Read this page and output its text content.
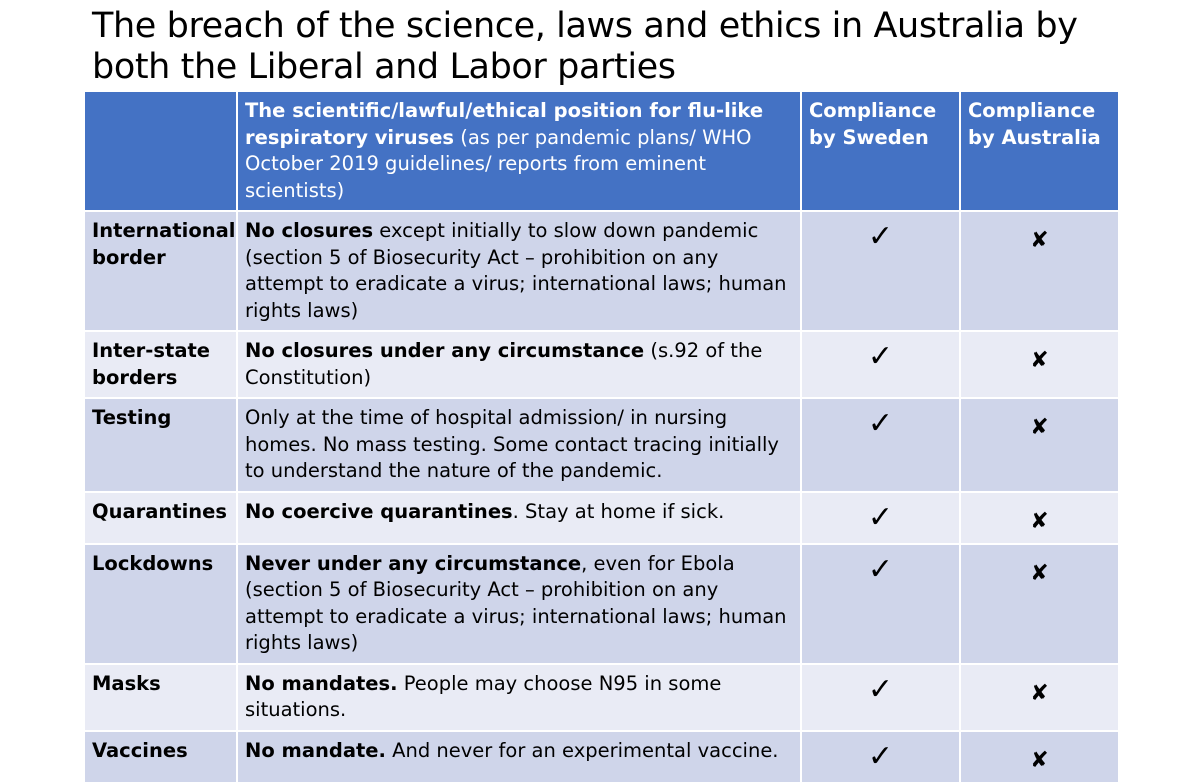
The breach of the science, laws and ethics in Australia by both the Liberal and Labor parties
	The scientific/lawful/ethical position for flu-like respiratory viruses (as per pandemic plans/ WHO October 2019 guidelines/ reports from eminent scientists)	Compliance by Sweden	Compliance by Australia
International border	No closures except initially to slow down pandemic (section 5 of Biosecurity Act – prohibition on any attempt to eradicate a virus; international laws; human rights laws)	✓	✘
Inter-state borders	No closures under any circumstance (s.92 of the Constitution)	✓	✘
Testing	Only at the time of hospital admission/ in nursing homes. No mass testing. Some contact tracing initially to understand the nature of the pandemic.	✓	✘
Quarantines	No coercive quarantines. Stay at home if sick.	✓	✘
Lockdowns	Never under any circumstance, even for Ebola (section 5 of Biosecurity Act – prohibition on any attempt to eradicate a virus; international laws; human rights laws)	✓	✘
Masks	No mandates. People may choose N95 in some situations.	✓	✘
Vaccines	No mandate. And never for an experimental vaccine.	✓	✘
